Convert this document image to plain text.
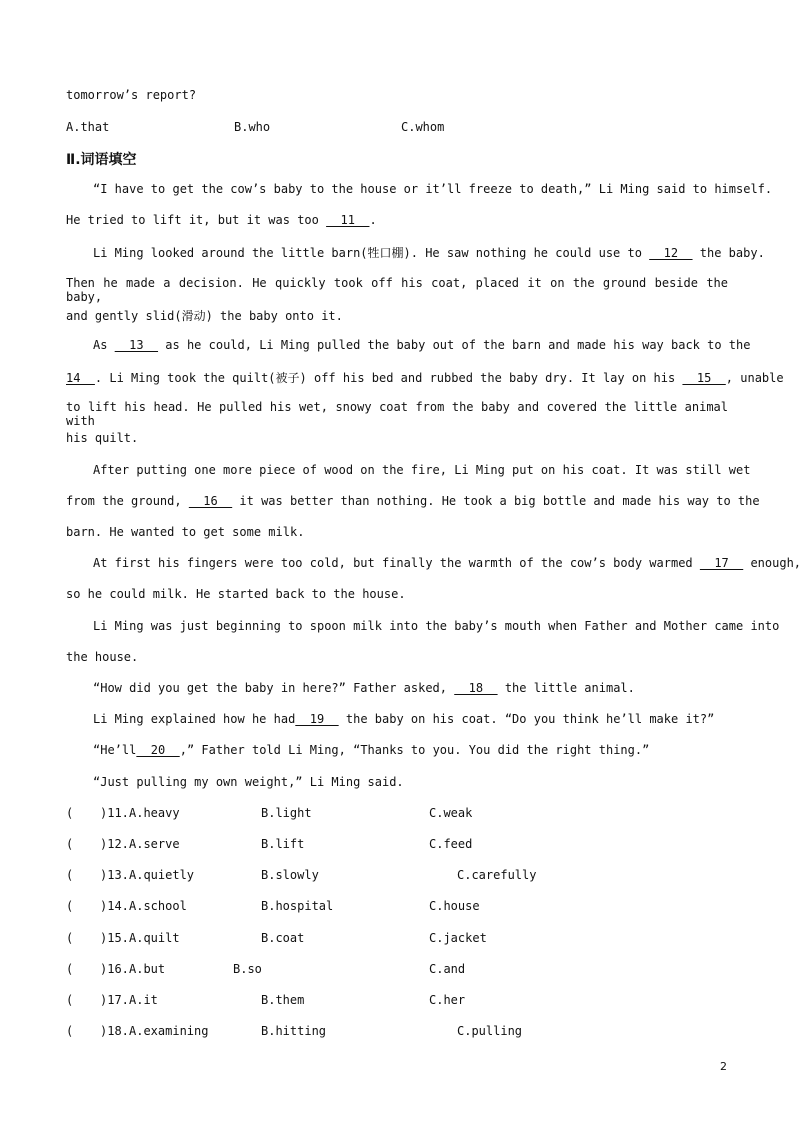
tomorrow’s report?
A.that	B.who	C.whom
Ⅱ.词语填空
“I have to get the cow’s baby to the house or it’ll freeze to death,” Li Ming said to himself.
He tried to lift it, but it was too   11  .
Li Ming looked around the little barn(牲口棚). He saw nothing he could use to   12   the baby.
Then he made a decision. He quickly took off his coat, placed it on the ground beside the baby,
and gently slid(滑动) the baby onto it.
As   13   as he could, Li Ming pulled the baby out of the barn and made his way back to the
14  . Li Ming took the quilt(被子) off his bed and rubbed the baby dry. It lay on his   15  , unable
to lift his head. He pulled his wet, snowy coat from the baby and covered the little animal with
his quilt.
After putting one more piece of wood on the fire, Li Ming put on his coat. It was still wet
from the ground,   16   it was better than nothing. He took a big bottle and made his way to the
barn. He wanted to get some milk.
At first his fingers were too cold, but finally the warmth of the cow’s body warmed   17   enough,
so he could milk. He started back to the house.
Li Ming was just beginning to spoon milk into the baby’s mouth when Father and Mother came into
the house.
“How did you get the baby in here?” Father asked,   18   the little animal.
Li Ming explained how he had  19   the baby on his coat. “Do you think he’ll make it?”
“He’ll  20  ,” Father told Li Ming, “Thanks to you. You did the right thing.”
“Just pulling my own weight,” Li Ming said.
( )11. A.heavy	B.light	C.weak
( )12. A.serve	B.lift	C.feed
( )13. A.quietly	B.slowly	C.carefully
( )14. A.school	B.hospital	C.house
( )15. A.quilt	B.coat	C.jacket
( )16. A.but	B.so	C.and
( )17. A.it	B.them	C.her
( )18. A.examining	B.hitting	C.pulling
2
